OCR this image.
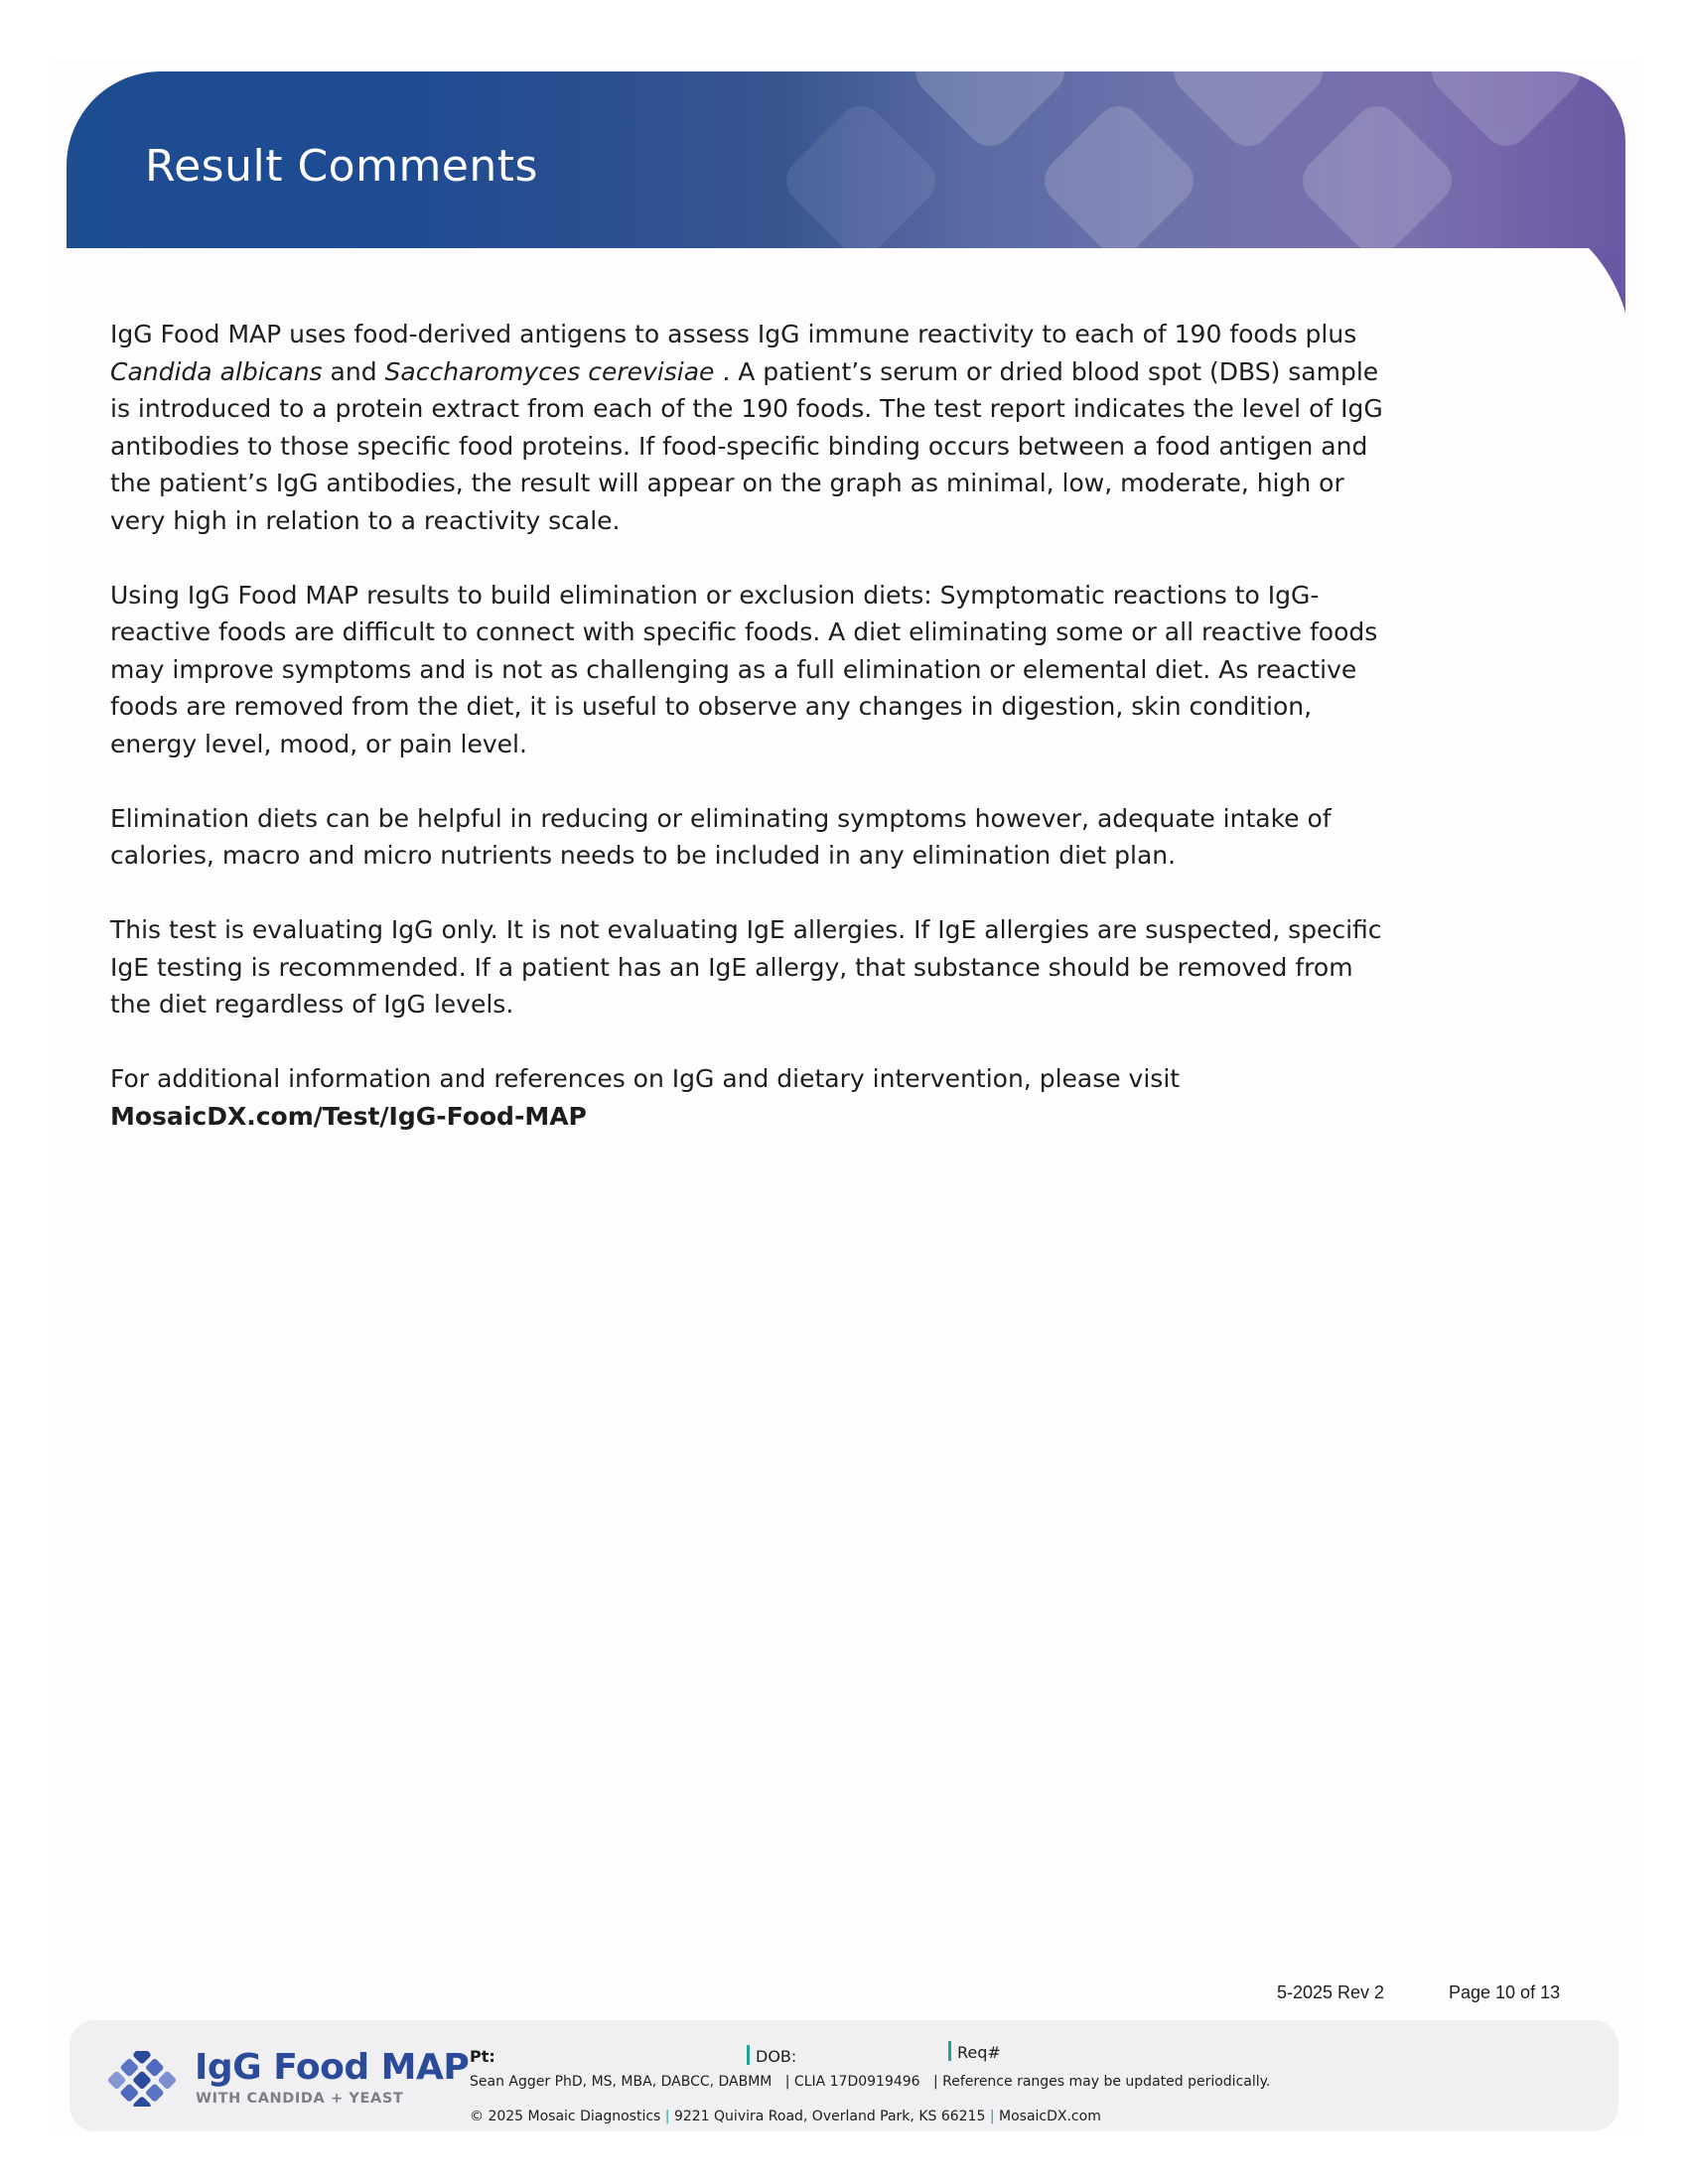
Result Comments

IgG Food MAP uses food-derived antigens to assess IgG immune reactivity to each of 190 foods plus Candida albicans and Saccharomyces cerevisiae . A patient’s serum or dried blood spot (DBS) sample is introduced to a protein extract from each of the 190 foods. The test report indicates the level of IgG antibodies to those specific food proteins. If food-specific binding occurs between a food antigen and the patient’s IgG antibodies, the result will appear on the graph as minimal, low, moderate, high or very high in relation to a reactivity scale.

Using IgG Food MAP results to build elimination or exclusion diets: Symptomatic reactions to IgG-reactive foods are difficult to connect with specific foods. A diet eliminating some or all reactive foods may improve symptoms and is not as challenging as a full elimination or elemental diet. As reactive foods are removed from the diet, it is useful to observe any changes in digestion, skin condition, energy level, mood, or pain level.

Elimination diets can be helpful in reducing or eliminating symptoms however, adequate intake of calories, macro and micro nutrients needs to be included in any elimination diet plan.

This test is evaluating IgG only. It is not evaluating IgE allergies. If IgE allergies are suspected, specific IgE testing is recommended. If a patient has an IgE allergy, that substance should be removed from the diet regardless of IgG levels.

For additional information and references on IgG and dietary intervention, please visit
MosaicDX.com/Test/IgG-Food-MAP

5-2025 Rev 2	Page 10 of 13
IgG Food MAP
WITH CANDIDA + YEAST
Pt:	DOB:	Req#
Sean Agger PhD, MS, MBA, DABCC, DABMM | CLIA 17D0919496 | Reference ranges may be updated periodically.
© 2025 Mosaic Diagnostics | 9221 Quivira Road, Overland Park, KS 66215 | MosaicDX.com
